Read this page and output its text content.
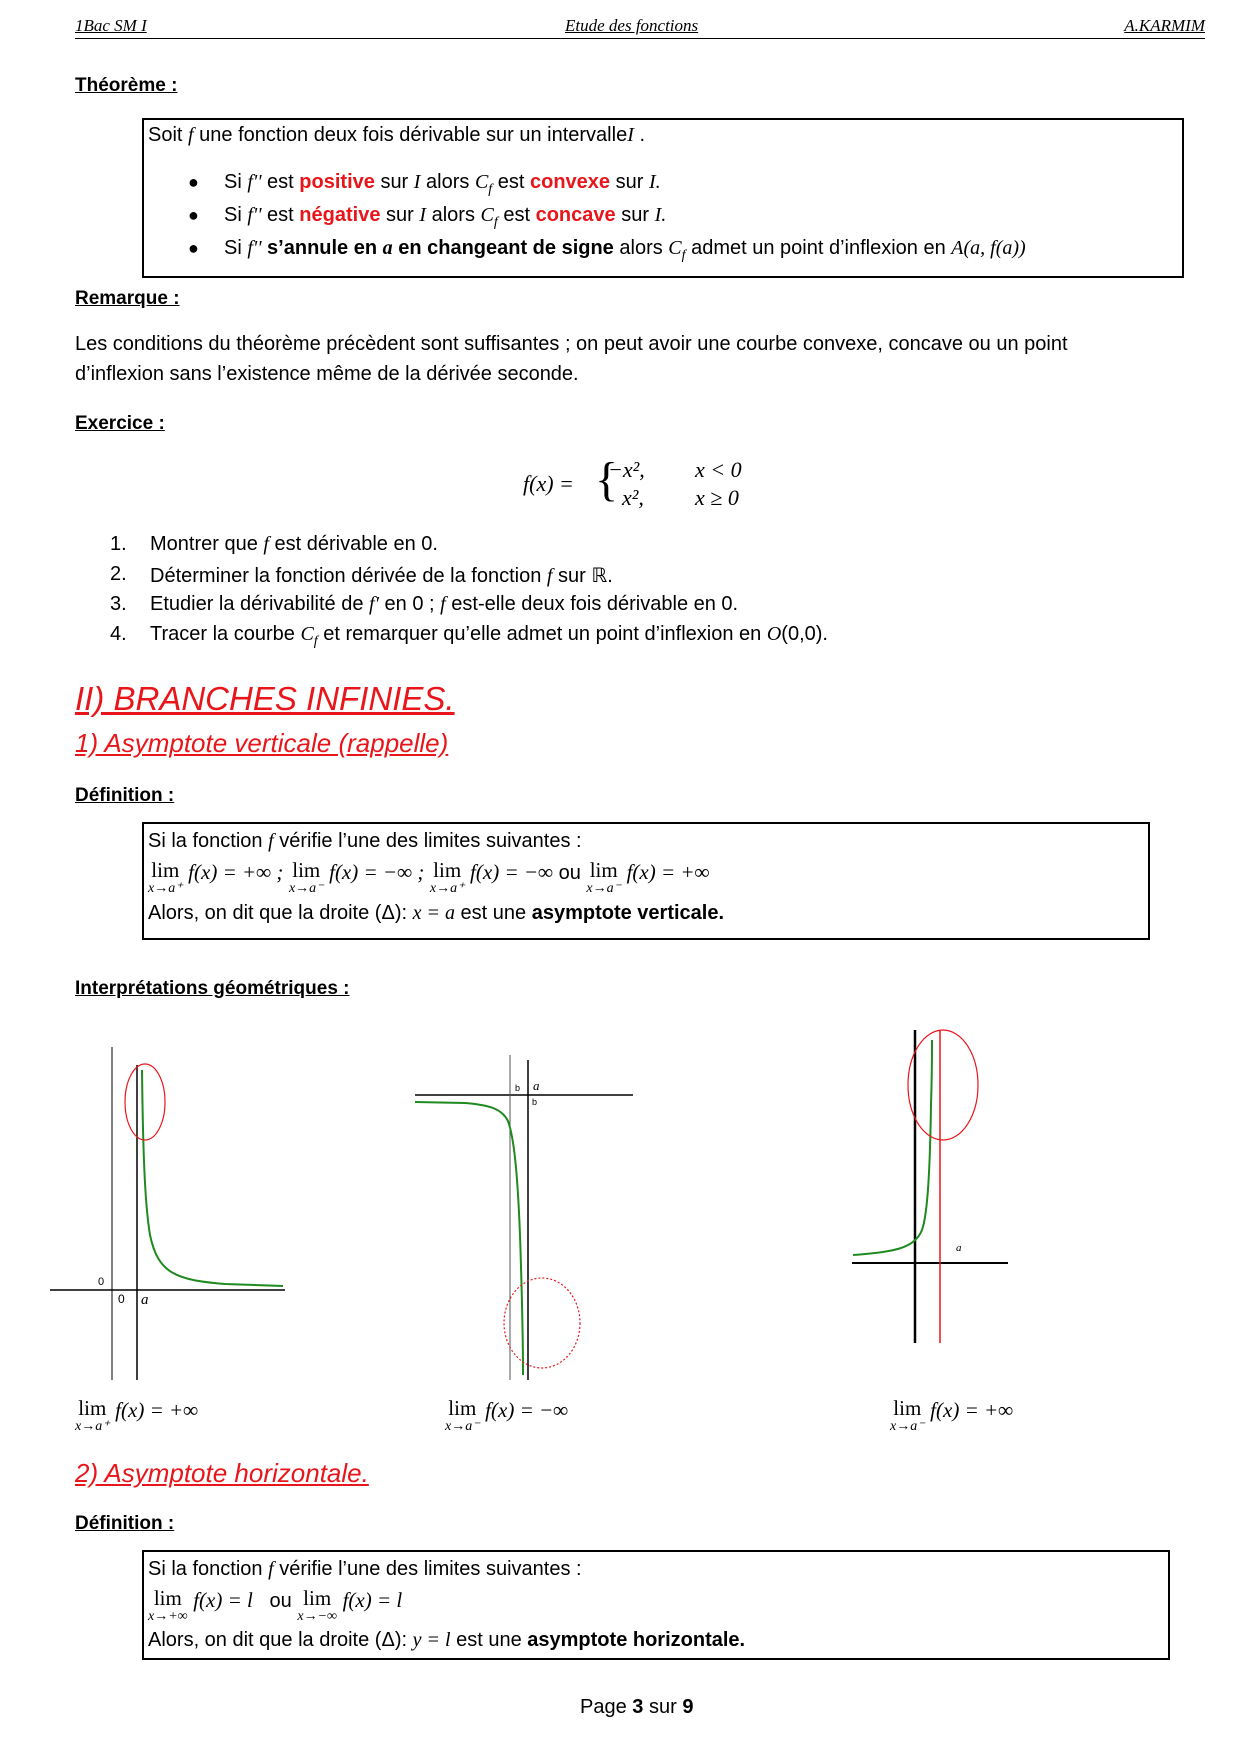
1Bac SM I	Etude des fonctions	A.KARMIM
Théorème :
Soit f une fonction deux fois dérivable sur un intervalleI .
● Si f'' est positive sur I alors $C_f$ est convexe sur I.
● Si f'' est négative sur I alors $C_f$ est concave sur I.
● Si f'' s’annule en a en changeant de signe alors $C_f$ admet un point d’inflexion en A(a, f(a))
Remarque :
Les conditions du théorème précèdent sont suffisantes ; on peut avoir une courbe convexe, concave ou un point
d’inflexion sans l’existence même de la dérivée seconde.
Exercice :
f(x) = {
−x², x < 0
x², x ≥ 0
1. Montrer que f est dérivable en 0.
2. Déterminer la fonction dérivée de la fonction f sur ℝ.
3. Etudier la dérivabilité de f′ en 0 ; f est-elle deux fois dérivable en 0.
4. Tracer la courbe $C_f$ et remarquer qu’elle admet un point d’inflexion en O(0,0).
II) BRANCHES INFINIES.
1) Asymptote verticale (rappelle)
Définition :
Si la fonction f vérifie l’une des limites suivantes :
lim
x→a⁺
f(x) = +∞ ; lim
x→a⁻
f(x) = −∞ ; lim
x→a⁺
f(x) = −∞ ou lim
x→a⁻
f(x) = +∞
Alors, on dit que la droite (Δ): x = a est une asymptote verticale.
Interprétations géométriques :
0
0 a
a
b
b
a
lim
x→a⁺
f(x) = +∞	lim
x→a⁻
f(x) = −∞	lim
x→a⁻
f(x) = +∞
2) Asymptote horizontale.
Définition :
Si la fonction f vérifie l’une des limites suivantes :
lim
x→+∞
f(x) = l ou lim
x→−∞
f(x) = l
Alors, on dit que la droite (Δ): y = l est une asymptote horizontale.
Page 3 sur 9
